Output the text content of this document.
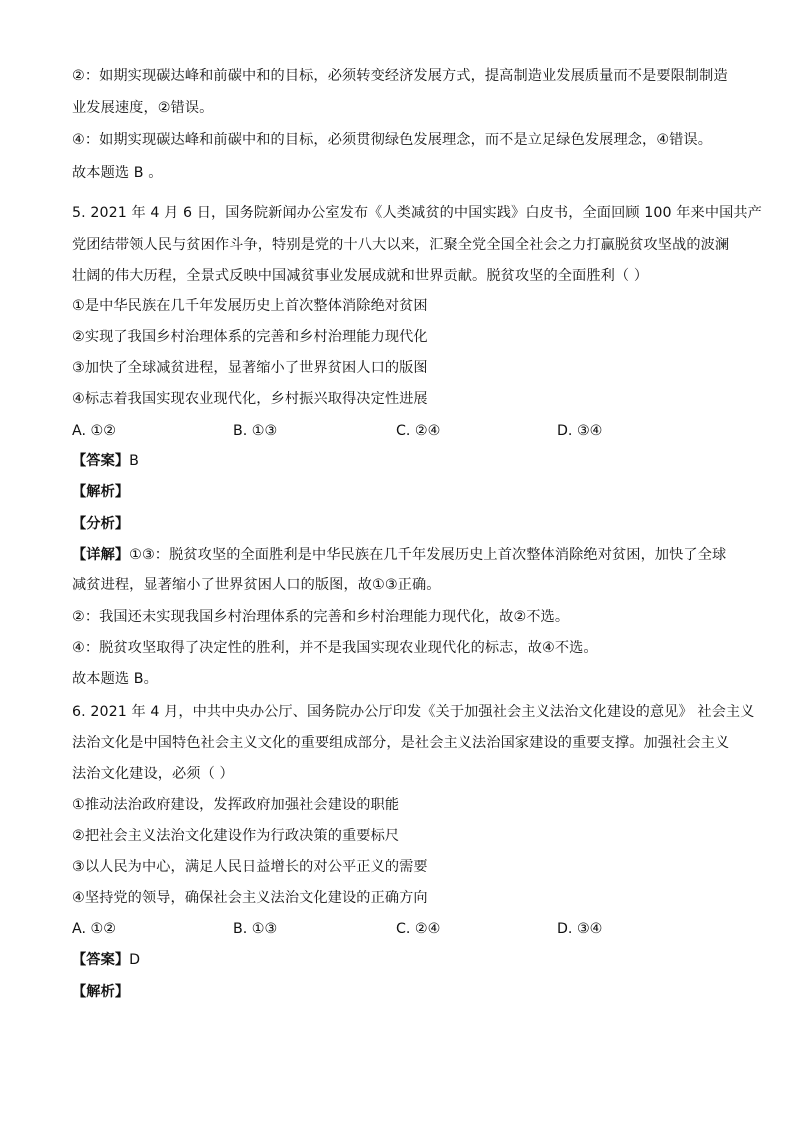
②：如期实现碳达峰和前碳中和的目标，必须转变经济发展方式，提高制造业发展质量而不是要限制制造
业发展速度，②错误。
④：如期实现碳达峰和前碳中和的目标，必须贯彻绿色发展理念，而不是立足绿色发展理念，④错误。
故本题选 B 。
5. 2021 年 4 月 6 日，国务院新闻办公室发布《人类减贫的中国实践》白皮书，全面回顾 100 年来中国共产
党团结带领人民与贫困作斗争，特别是党的十八大以来，汇聚全党全国全社会之力打赢脱贫攻坚战的波澜
壮阔的伟大历程，全景式反映中国减贫事业发展成就和世界贡献。脱贫攻坚的全面胜利（ ）
①是中华民族在几千年发展历史上首次整体消除绝对贫困
②实现了我国乡村治理体系的完善和乡村治理能力现代化
③加快了全球减贫进程，显著缩小了世界贫困人口的版图
④标志着我国实现农业现代化，乡村振兴取得决定性进展
A. ①②	B. ①③	C. ②④	D. ③④
【答案】B
【解析】
【分析】
【详解】①③：脱贫攻坚的全面胜利是中华民族在几千年发展历史上首次整体消除绝对贫困，加快了全球
减贫进程，显著缩小了世界贫困人口的版图，故①③正确。
②：我国还未实现我国乡村治理体系的完善和乡村治理能力现代化，故②不选。
④：脱贫攻坚取得了决定性的胜利，并不是我国实现农业现代化的标志，故④不选。
故本题选 B。
6. 2021 年 4 月，中共中央办公厅、国务院办公厅印发《关于加强社会主义法治文化建设的意见》 社会主义
法治文化是中国特色社会主义文化的重要组成部分，是社会主义法治国家建设的重要支撑。加强社会主义
法治文化建设，必须（ ）
①推动法治政府建设，发挥政府加强社会建设的职能
②把社会主义法治文化建设作为行政决策的重要标尺
③以人民为中心，满足人民日益增长的对公平正义的需要
④坚持党的领导，确保社会主义法治文化建设的正确方向
A. ①②	B. ①③	C. ②④	D. ③④
【答案】D
【解析】
